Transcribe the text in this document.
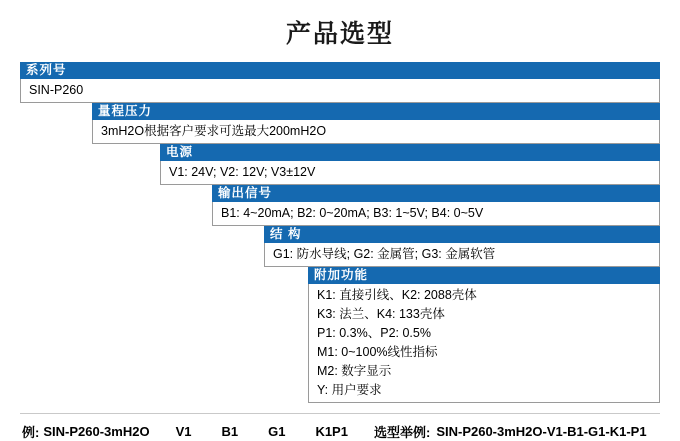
产品选型
系列号
SIN-P260
量程压力
3mH2O根据客户要求可选最大200mH2O
电源
V1: 24V; V2: 12V; V3±12V
输出信号
B1: 4~20mA; B2: 0~20mA; B3: 1~5V; B4: 0~5V
结 构
G1: 防水导线; G2: 金属管; G3: 金属软管
附加功能
K1: 直接引线、K2: 2088壳体
K3: 法兰、K4: 133壳体
P1: 0.3%、P2: 0.5%
M1: 0~100%线性指标
M2: 数字显示
Y: 用户要求
例: SIN-P260-3mH2O V1 B1 G1 K1P1 选型举例: SIN-P260-3mH2O-V1-B1-G1-K1-P1
